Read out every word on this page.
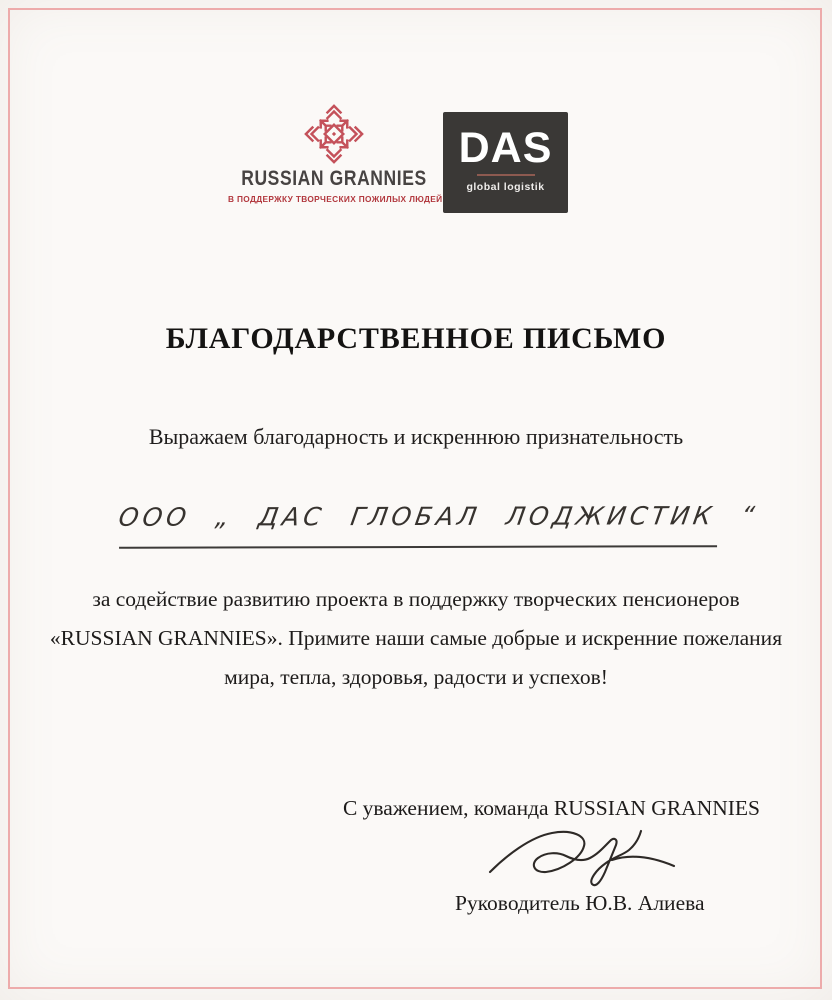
RUSSIAN GRANNIES
В ПОДДЕРЖКУ ТВОРЧЕСКИХ ПОЖИЛЫХ ЛЮДЕЙ
DAS
global logistik
БЛАГОДАРСТВЕННОЕ ПИСЬМО
Выражаем благодарность и искреннюю признательность
ООО „ ДАС ГЛОБАЛ ЛОДЖИСТИК “
за содействие развитию проекта в поддержку творческих пенсионеров
«RUSSIAN GRANNIES». Примите наши самые добрые и искренние пожелания
мира, тепла, здоровья, радости и успехов!
С уважением, команда RUSSIAN GRANNIES
Руководитель Ю.В. Алиева
